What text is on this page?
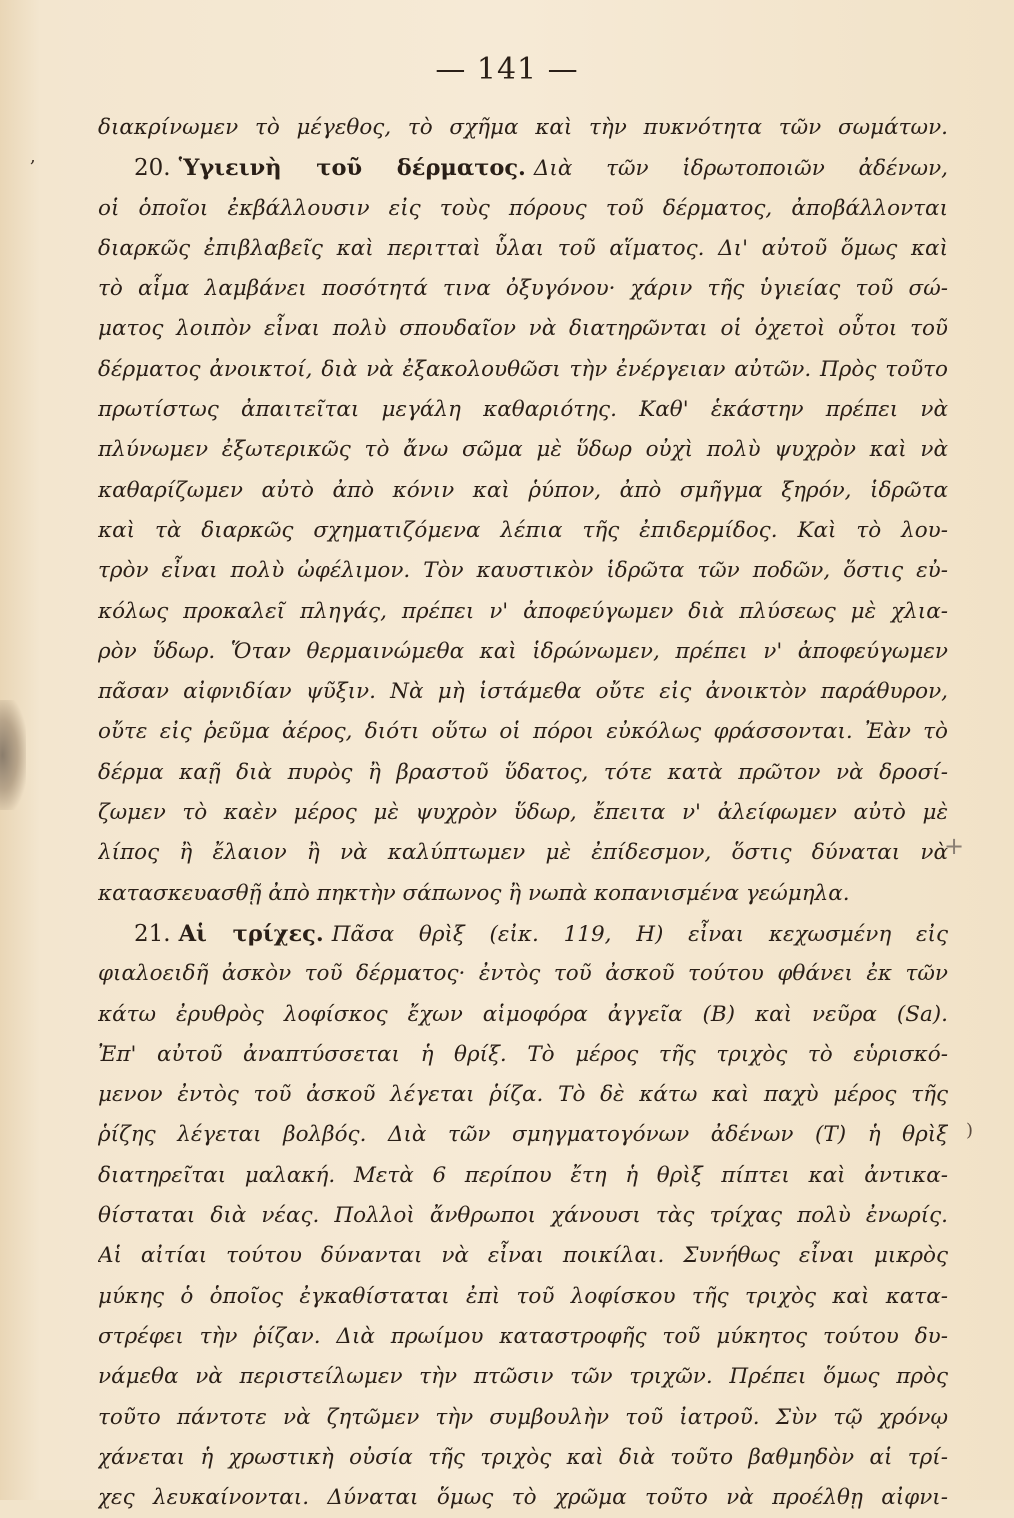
,
— 141 —
διακρίνωμεν τὸ μέγεθος, τὸ σχῆμα καὶ τὴν πυκνότητα τῶν σωμάτων.
20. Ὑγιεινὴ τοῦ δέρματος. Διὰ τῶν ἱδρωτοποιῶν ἀδένων,
οἱ ὁποῖοι ἐκβάλλουσιν εἰς τοὺς πόρους τοῦ δέρματος, ἀποβάλλονται
διαρκῶς ἐπιβλαβεῖς καὶ περιτταὶ ὗλαι τοῦ αἵματος. Δι' αὐτοῦ ὅμως καὶ
τὸ αἷμα λαμβάνει ποσότητά τινα ὀξυγόνου· χάριν τῆς ὑγιείας τοῦ σώ-
ματος λοιπὸν εἶναι πολὺ σπουδαῖον νὰ διατηρῶνται οἱ ὀχετοὶ οὗτοι τοῦ
δέρματος ἀνοικτοί, διὰ νὰ ἐξακολουθῶσι τὴν ἐνέργειαν αὐτῶν. Πρὸς τοῦτο
πρωτίστως ἀπαιτεῖται μεγάλη καθαριότης. Καθ' ἑκάστην πρέπει νὰ
πλύνωμεν ἐξωτερικῶς τὸ ἄνω σῶμα μὲ ὕδωρ οὐχὶ πολὺ ψυχρὸν καὶ νὰ
καθαρίζωμεν αὐτὸ ἀπὸ κόνιν καὶ ῥύπον, ἀπὸ σμῆγμα ξηρόν, ἱδρῶτα
καὶ τὰ διαρκῶς σχηματιζόμενα λέπια τῆς ἐπιδερμίδος. Καὶ τὸ λου-
τρὸν εἶναι πολὺ ὠφέλιμον. Τὸν καυστικὸν ἱδρῶτα τῶν ποδῶν, ὅστις εὐ-
κόλως προκαλεῖ πληγάς, πρέπει ν' ἀποφεύγωμεν διὰ πλύσεως μὲ χλια-
ρὸν ὕδωρ. Ὅταν θερμαινώμεθα καὶ ἱδρώνωμεν, πρέπει ν' ἀποφεύγωμεν
πᾶσαν αἰφνιδίαν ψῦξιν. Νὰ μὴ ἱστάμεθα οὔτε εἰς ἀνοικτὸν παράθυρον,
οὔτε εἰς ῥεῦμα ἀέρος, διότι οὕτω οἱ πόροι εὐκόλως φράσσονται. Ἐὰν τὸ
δέρμα καῇ διὰ πυρὸς ἢ βραστοῦ ὕδατος, τότε κατὰ πρῶτον νὰ δροσί-
ζωμεν τὸ καὲν μέρος μὲ ψυχρὸν ὕδωρ, ἔπειτα ν' ἀλείφωμεν αὐτὸ μὲ
λίπος ἢ ἔλαιον ἢ νὰ καλύπτωμεν μὲ ἐπίδεσμον, ὅστις δύναται νὰ
κατασκευασθῇ ἀπὸ πηκτὴν σάπωνος ἢ νωπὰ κοπανισμένα γεώμηλα.
21. Αἱ τρίχες. Πᾶσα θρὶξ (εἰκ. 119, Η) εἶναι κεχωσμένη εἰς
φιαλοειδῆ ἀσκὸν τοῦ δέρματος· ἐντὸς τοῦ ἀσκοῦ τούτου φθάνει ἐκ τῶν
κάτω ἐρυθρὸς λοφίσκος ἔχων αἱμοφόρα ἀγγεῖα (Β) καὶ νεῦρα (Sa).
Ἐπ' αὐτοῦ ἀναπτύσσεται ἡ θρίξ. Τὸ μέρος τῆς τριχὸς τὸ εὑρισκό-
μενον ἐντὸς τοῦ ἀσκοῦ λέγεται ῥίζα. Τὸ δὲ κάτω καὶ παχὺ μέρος τῆς
ῥίζης λέγεται βολβός. Διὰ τῶν σμηγματογόνων ἀδένων (Τ) ἡ θρὶξ
διατηρεῖται μαλακή. Μετὰ 6 περίπου ἔτη ἡ θρὶξ πίπτει καὶ ἀντικα-
θίσταται διὰ νέας. Πολλοὶ ἄνθρωποι χάνουσι τὰς τρίχας πολὺ ἐνωρίς.
Αἱ αἰτίαι τούτου δύνανται νὰ εἶναι ποικίλαι. Συνήθως εἶναι μικρὸς
μύκης ὁ ὁποῖος ἐγκαθίσταται ἐπὶ τοῦ λοφίσκου τῆς τριχὸς καὶ κατα-
στρέφει τὴν ῥίζαν. Διὰ πρωίμου καταστροφῆς τοῦ μύκητος τούτου δυ-
νάμεθα νὰ περιστείλωμεν τὴν πτῶσιν τῶν τριχῶν. Πρέπει ὅμως πρὸς
τοῦτο πάντοτε νὰ ζητῶμεν τὴν συμβουλὴν τοῦ ἰατροῦ. Σὺν τῷ χρόνῳ
χάνεται ἡ χρωστικὴ οὐσία τῆς τριχὸς καὶ διὰ τοῦτο βαθμηδὸν αἱ τρί-
χες λευκαίνονται. Δύναται ὅμως τὸ χρῶμα τοῦτο νὰ προέλθῃ αἰφνι-
+
)
